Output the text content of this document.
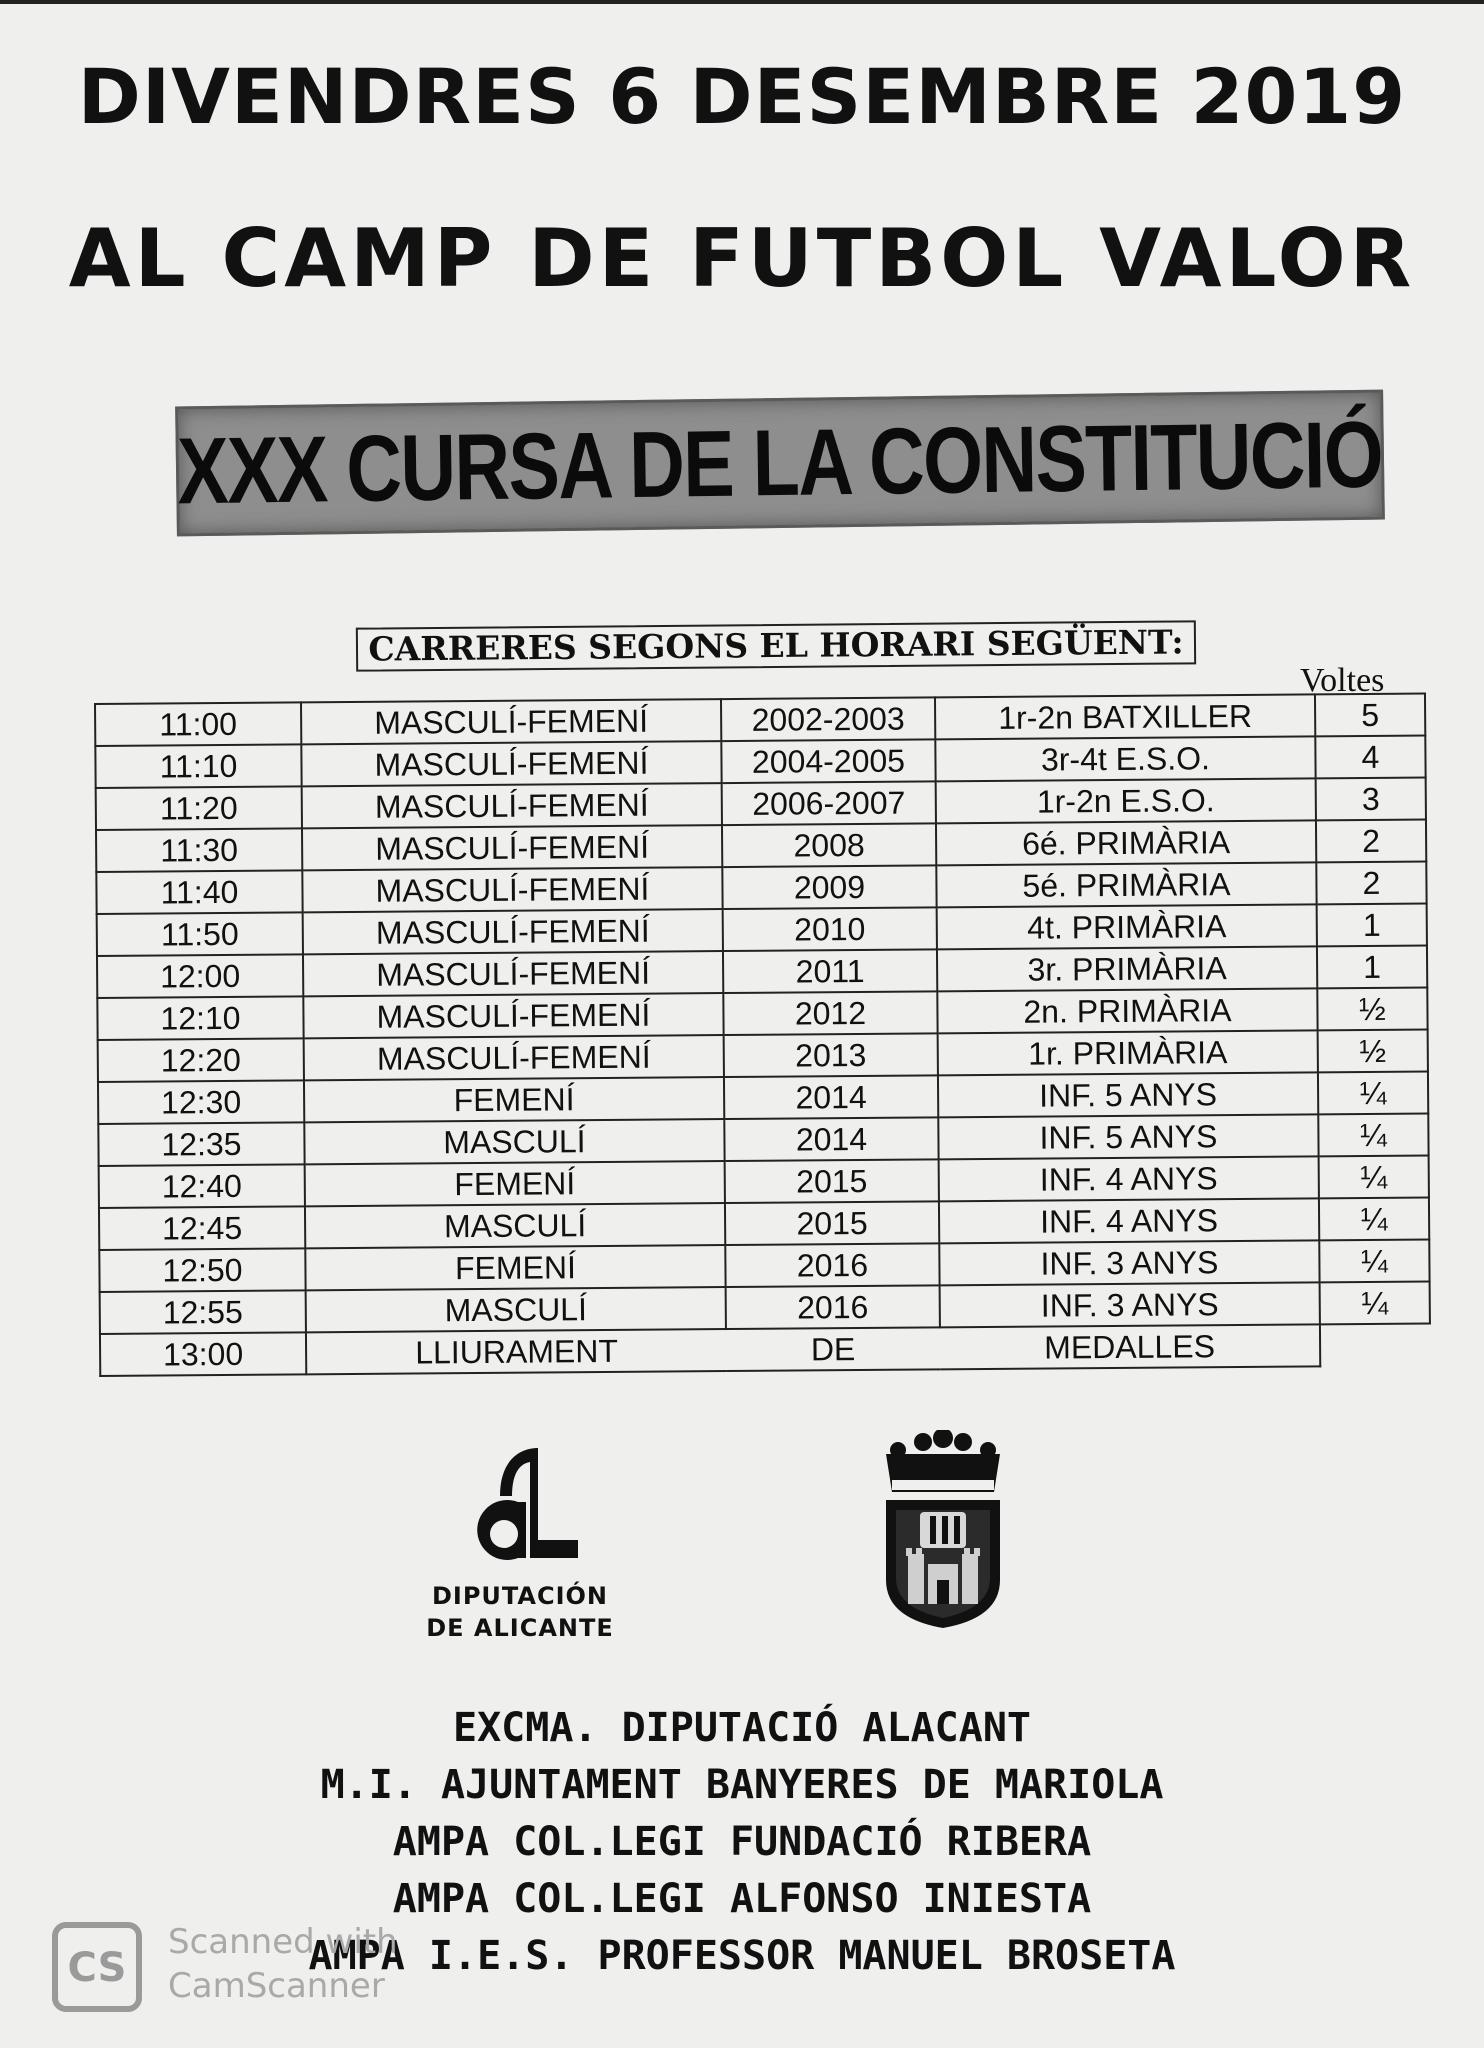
DIVENDRES 6 DESEMBRE 2019
AL CAMP DE FUTBOL VALOR
XXX CURSA DE LA CONSTITUCIÓ
CARRERES SEGONS EL HORARI SEGÜENT:
Voltes
11:00	MASCULÍ-FEMENÍ	2002-2003	1r-2n BATXILLER	5
11:10	MASCULÍ-FEMENÍ	2004-2005	3r-4t E.S.O.	4
11:20	MASCULÍ-FEMENÍ	2006-2007	1r-2n E.S.O.	3
11:30	MASCULÍ-FEMENÍ	2008	6é. PRIMÀRIA	2
11:40	MASCULÍ-FEMENÍ	2009	5é. PRIMÀRIA	2
11:50	MASCULÍ-FEMENÍ	2010	4t. PRIMÀRIA	1
12:00	MASCULÍ-FEMENÍ	2011	3r. PRIMÀRIA	1
12:10	MASCULÍ-FEMENÍ	2012	2n. PRIMÀRIA	½
12:20	MASCULÍ-FEMENÍ	2013	1r. PRIMÀRIA	½
12:30	FEMENÍ	2014	INF. 5 ANYS	¼
12:35	MASCULÍ	2014	INF. 5 ANYS	¼
12:40	FEMENÍ	2015	INF. 4 ANYS	¼
12:45	MASCULÍ	2015	INF. 4 ANYS	¼
12:50	FEMENÍ	2016	INF. 3 ANYS	¼
12:55	MASCULÍ	2016	INF. 3 ANYS	¼
13:00	LLIURAMENT	DE	MEDALLES	
DIPUTACIÓN
DE ALICANTE
EXCMA. DIPUTACIÓ ALACANT
M.I. AJUNTAMENT BANYERES DE MARIOLA
AMPA COL.LEGI FUNDACIÓ RIBERA
AMPA COL.LEGI ALFONSO INIESTA
AMPA I.E.S. PROFESSOR MANUEL BROSETA
CS
Scanned with
CamScanner
